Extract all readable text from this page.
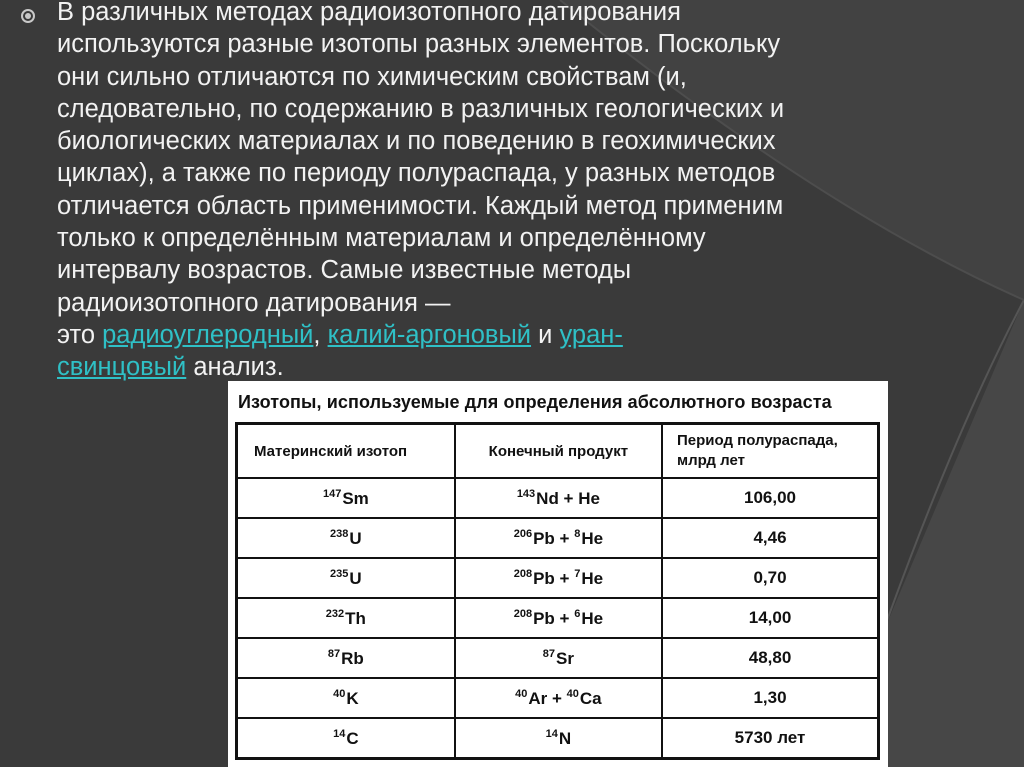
В различных методах радиоизотопного датирования
используются разные изотопы разных элементов. Поскольку
они сильно отличаются по химическим свойствам (и,
следовательно, по содержанию в различных геологических и
биологических материалах и по поведению в геохимических
циклах), а также по периоду полураспада, у разных методов
отличается область применимости. Каждый метод применим
только к определённым материалам и определённому
интервалу возрастов. Самые известные методы
радиоизотопного датирования —
это радиоуглеродный, калий-аргоновый и уран-
свинцовый анализ.
Изотопы, используемые для определения абсолютного возраста
Материнский изотоп	Конечный продукт	Период полураспада,
млрд лет
$^{147}$Sm	$^{143}$Nd + He	106,00
$^{238}$U	$^{206}$Pb + $^8$He	4,46
$^{235}$U	$^{208}$Pb + $^7$He	0,70
$^{232}$Th	$^{208}$Pb + $^6$He	14,00
$^{87}$Rb	$^{87}$Sr	48,80
$^{40}$K	$^{40}$Ar + $^{40}$Ca	1,30
$^{14}$C	$^{14}$N	5730 лет
